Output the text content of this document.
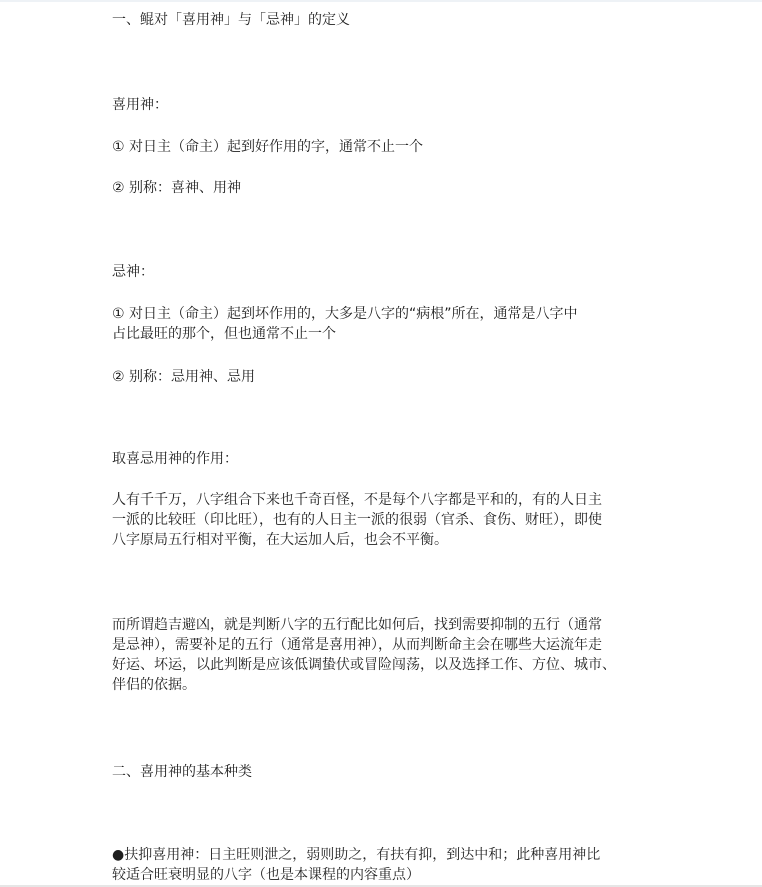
一、鲲对「喜用神」与「忌神」的定义

喜用神：

① 对日主（命主）起到好作用的字，通常不止一个

② 别称：喜神、用神

忌神：

① 对日主（命主）起到坏作用的，大多是八字的“病根”所在，通常是八字中
占比最旺的那个，但也通常不止一个

② 别称：忌用神、忌用

取喜忌用神的作用：

人有千千万，八字组合下来也千奇百怪，不是每个八字都是平和的，有的人日主
一派的比较旺（印比旺），也有的人日主一派的很弱（官杀、食伤、财旺），即使
八字原局五行相对平衡，在大运加人后，也会不平衡。
而所谓趋吉避凶，就是判断八字的五行配比如何后，找到需要抑制的五行（通常
是忌神），需要补足的五行（通常是喜用神），从而判断命主会在哪些大运流年走
好运、坏运，以此判断是应该低调蛰伏或冒险闯荡，以及选择工作、方位、城市、
伴侣的依据。

二、喜用神的基本种类

●扶抑喜用神：日主旺则泄之，弱则助之，有扶有抑，到达中和；此种喜用神比
较适合旺衰明显的八字（也是本课程的内容重点）
